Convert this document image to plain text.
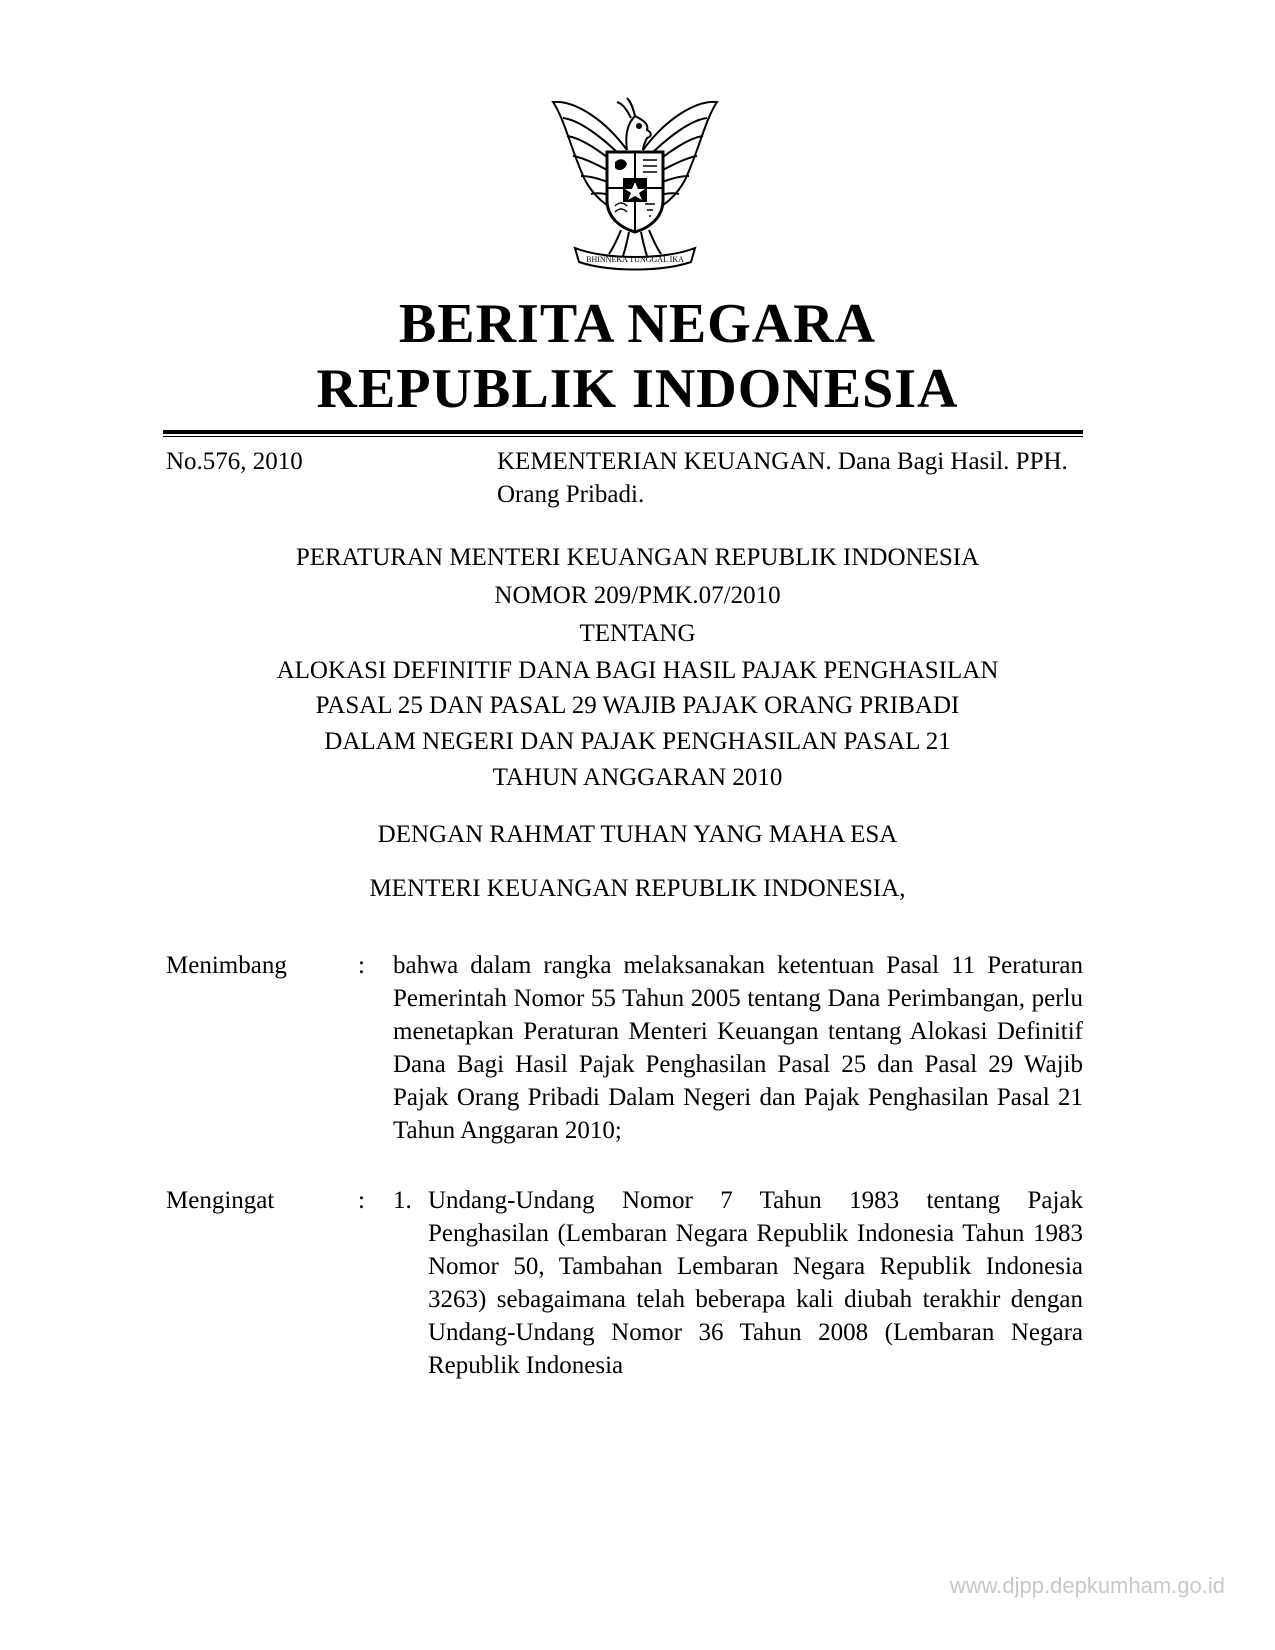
BHINNEKA TUNGGAL IKA
BERITA NEGARA
REPUBLIK INDONESIA
No.576, 2010	KEMENTERIAN KEUANGAN. Dana Bagi Hasil. PPH. Orang Pribadi.
PERATURAN MENTERI KEUANGAN REPUBLIK INDONESIA
NOMOR 209/PMK.07/2010
TENTANG
ALOKASI DEFINITIF DANA BAGI HASIL PAJAK PENGHASILAN
PASAL 25 DAN PASAL 29 WAJIB PAJAK ORANG PRIBADI
DALAM NEGERI DAN PAJAK PENGHASILAN PASAL 21
TAHUN ANGGARAN 2010
DENGAN RAHMAT TUHAN YANG MAHA ESA
MENTERI KEUANGAN REPUBLIK INDONESIA,
Menimbang	: bahwa dalam rangka melaksanakan ketentuan Pasal 11 Peraturan Pemerintah Nomor 55 Tahun 2005 tentang Dana Perimbangan, perlu menetapkan Peraturan Menteri Keuangan tentang Alokasi Definitif Dana Bagi Hasil Pajak Penghasilan Pasal 25 dan Pasal 29 Wajib Pajak Orang Pribadi Dalam Negeri dan Pajak Penghasilan Pasal 21 Tahun Anggaran 2010;
Mengingat	: 1. Undang-Undang Nomor 7 Tahun 1983 tentang Pajak Penghasilan (Lembaran Negara Republik Indonesia Tahun 1983 Nomor 50, Tambahan Lembaran Negara Republik Indonesia 3263) sebagaimana telah beberapa kali diubah terakhir dengan Undang-Undang Nomor 36 Tahun 2008 (Lembaran Negara Republik Indonesia
www.djpp.depkumham.go.id
